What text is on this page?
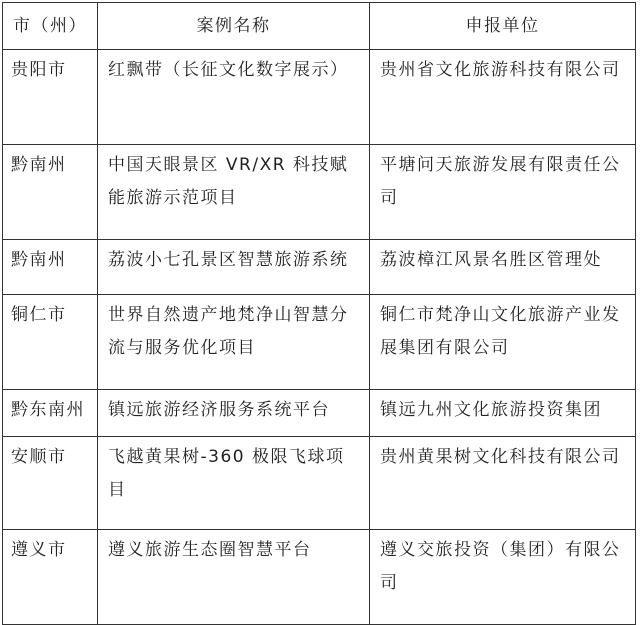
市（州）	案例名称	申报单位
贵阳市	红飘带（长征文化数字展示）	贵州省文化旅游科技有限公司
黔南州	中国天眼景区 VR/XR 科技赋能旅游示范项目	平塘问天旅游发展有限责任公司
黔南州	荔波小七孔景区智慧旅游系统	荔波樟江风景名胜区管理处
铜仁市	世界自然遗产地梵净山智慧分流与服务优化项目	铜仁市梵净山文化旅游产业发展集团有限公司
黔东南州	镇远旅游经济服务系统平台	镇远九州文化旅游投资集团
安顺市	飞越黄果树-360 极限飞球项目	贵州黄果树文化科技有限公司
遵义市	遵义旅游生态圈智慧平台	遵义交旅投资（集团）有限公司
